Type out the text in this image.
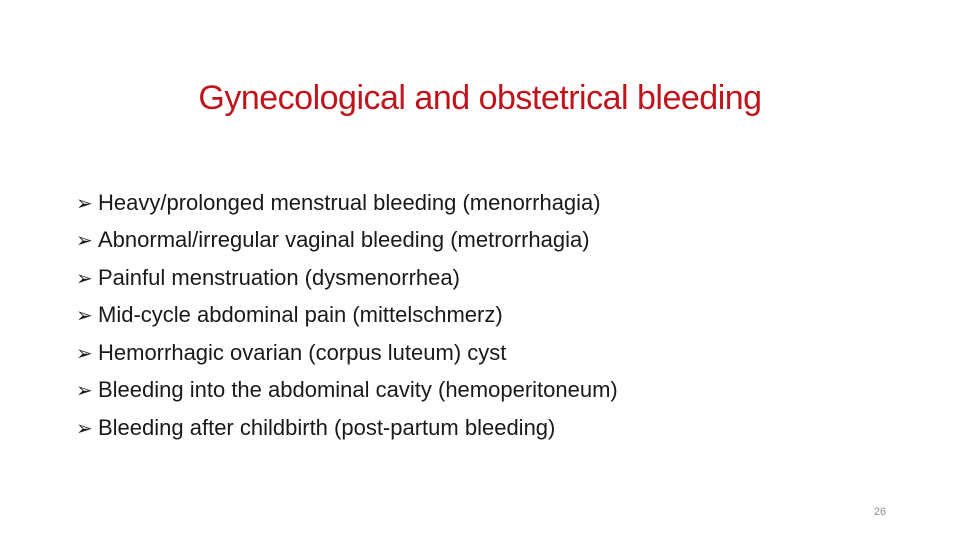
Gynecological and obstetrical bleeding
➢ Heavy/prolonged menstrual bleeding (menorrhagia)
➢ Abnormal/irregular vaginal bleeding (metrorrhagia)
➢ Painful menstruation (dysmenorrhea)
➢ Mid-cycle abdominal pain (mittelschmerz)
➢ Hemorrhagic ovarian (corpus luteum) cyst
➢ Bleeding into the abdominal cavity (hemoperitoneum)
➢ Bleeding after childbirth (post-partum bleeding)
26
